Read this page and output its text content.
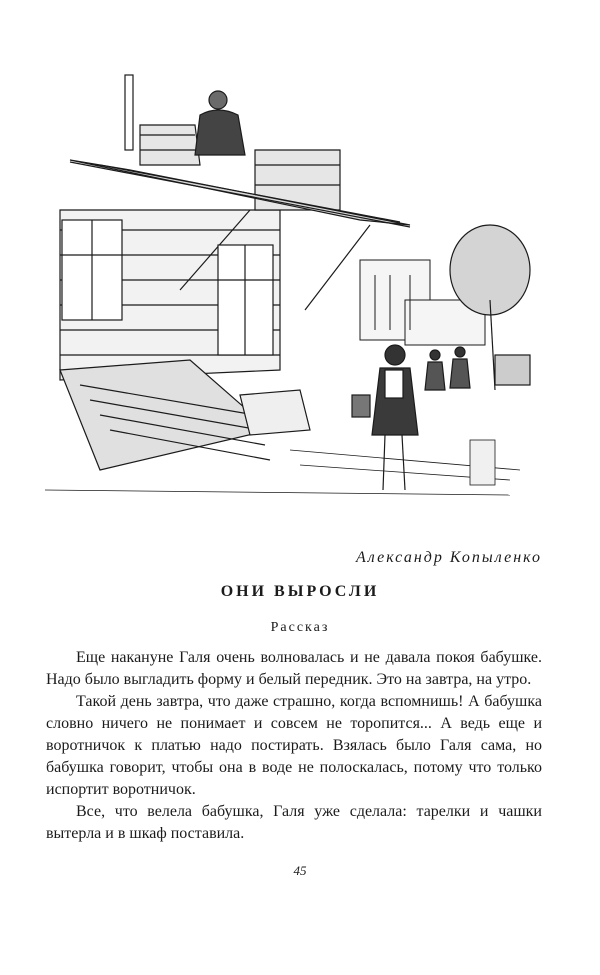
Александр Копыленко

ОНИ ВЫРОСЛИ

Рассказ

Еще накануне Галя очень волновалась и не давала покоя бабушке. Надо было выгладить форму и белый передник. Это на завтра, на утро.

Такой день завтра, что даже страшно, когда вспомнишь! А бабушка словно ничего не понимает и совсем не торопится... А ведь еще и воротничок к платью надо постирать. Взялась было Галя сама, но бабушка говорит, чтобы она в воде не полоскалась, потому что только испортит воротничок.

Все, что велела бабушка, Галя уже сделала: тарелки и чашки вытерла и в шкаф поставила.

45
